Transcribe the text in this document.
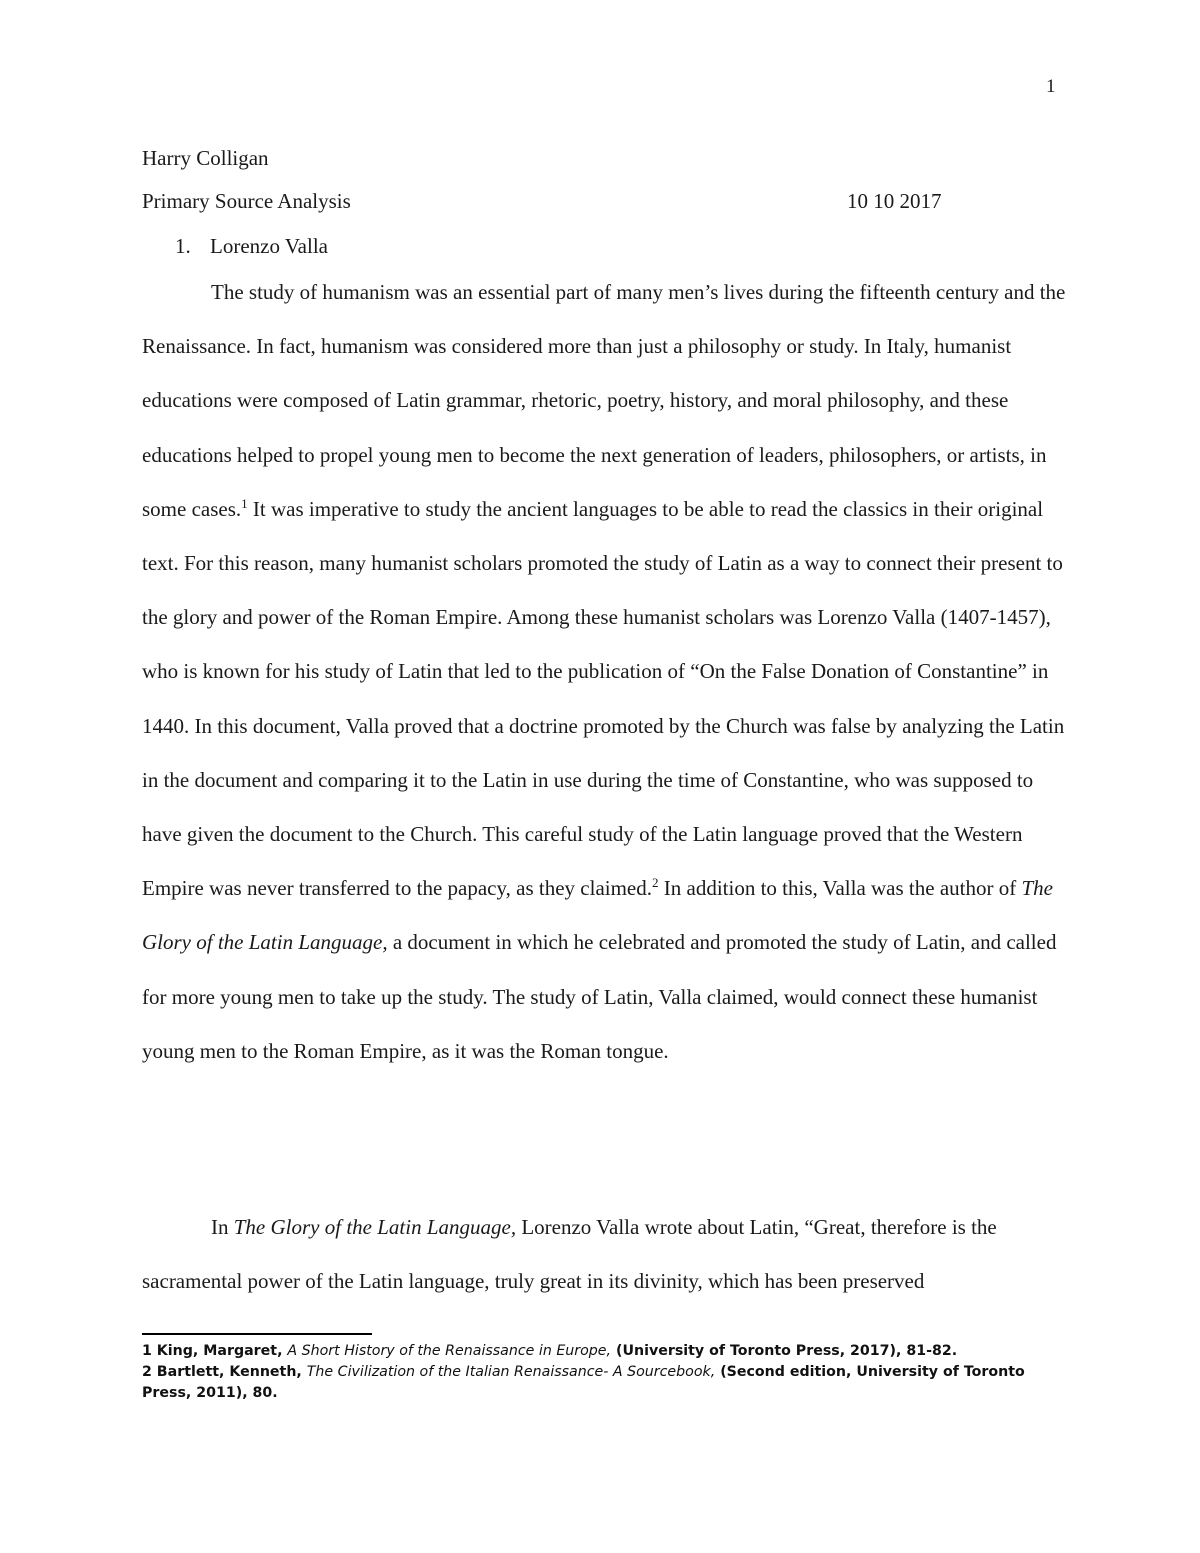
1
Harry Colligan
Primary Source Analysis	10 10 2017
1. Lorenzo Valla

The study of humanism was an essential part of many men’s lives during the fifteenth century and the Renaissance. In fact, humanism was considered more than just a philosophy or study. In Italy, humanist educations were composed of Latin grammar, rhetoric, poetry, history, and moral philosophy, and these educations helped to propel young men to become the next generation of leaders, philosophers, or artists, in some cases.$^1$ It was imperative to study the ancient languages to be able to read the classics in their original text. For this reason, many humanist scholars promoted the study of Latin as a way to connect their present to the glory and power of the Roman Empire. Among these humanist scholars was Lorenzo Valla (1407-1457), who is known for his study of Latin that led to the publication of “On the False Donation of Constantine” in 1440. In this document, Valla proved that a doctrine promoted by the Church was false by analyzing the Latin in the document and comparing it to the Latin in use during the time of Constantine, who was supposed to have given the document to the Church. This careful study of the Latin language proved that the Western Empire was never transferred to the papacy, as they claimed.$^2$ In addition to this, Valla was the author of The Glory of the Latin Language, a document in which he celebrated and promoted the study of Latin, and called for more young men to take up the study. The study of Latin, Valla claimed, would connect these humanist young men to the Roman Empire, as it was the Roman tongue.

In The Glory of the Latin Language, Lorenzo Valla wrote about Latin, “Great, therefore is the sacramental power of the Latin language, truly great in its divinity, which has been preserved

1 King, Margaret, A Short History of the Renaissance in Europe, (University of Toronto Press, 2017), 81-82.
2 Bartlett, Kenneth, The Civilization of the Italian Renaissance- A Sourcebook, (Second edition, University of Toronto Press, 2011), 80.
